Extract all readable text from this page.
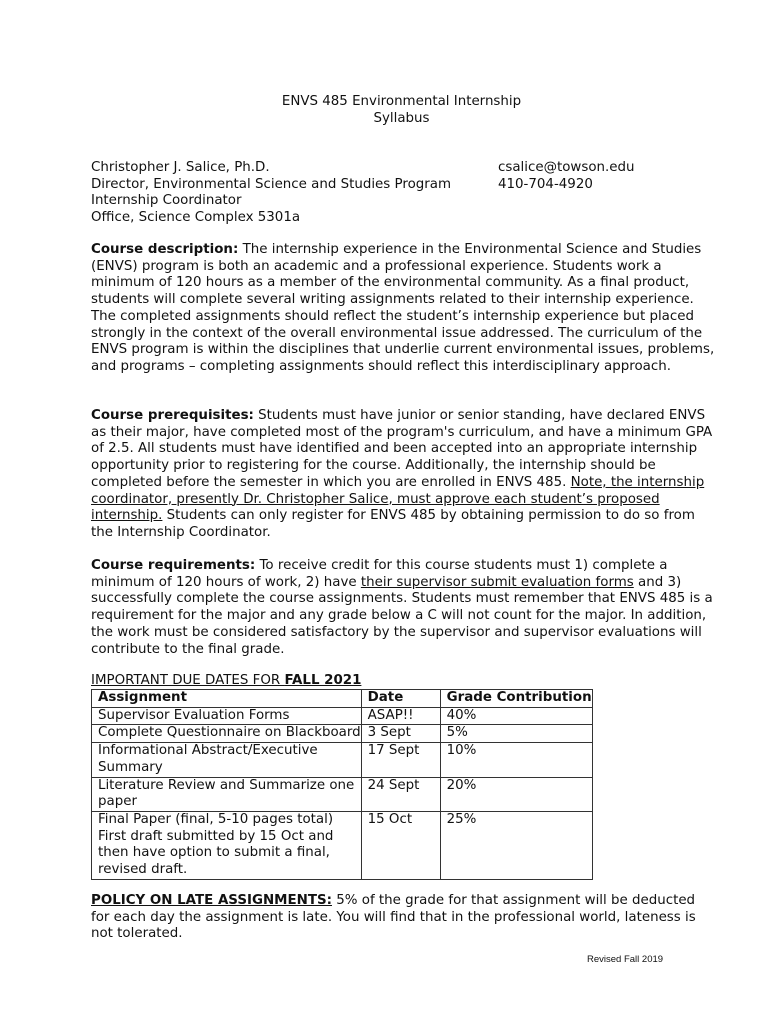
ENVS 485 Environmental Internship
Syllabus
Christopher J. Salice, Ph.D.
Director, Environmental Science and Studies Program
Internship Coordinator
Office, Science Complex 5301a
csalice@towson.edu
410-704-4920

Course description: The internship experience in the Environmental Science and Studies (ENVS) program is both an academic and a professional experience. Students work a minimum of 120 hours as a member of the environmental community. As a final product, students will complete several writing assignments related to their internship experience. The completed assignments should reflect the student’s internship experience but placed strongly in the context of the overall environmental issue addressed. The curriculum of the ENVS program is within the disciplines that underlie current environmental issues, problems, and programs – completing assignments should reflect this interdisciplinary approach.

Course prerequisites: Students must have junior or senior standing, have declared ENVS as their major, have completed most of the program's curriculum, and have a minimum GPA of 2.5. All students must have identified and been accepted into an appropriate internship opportunity prior to registering for the course. Additionally, the internship should be completed before the semester in which you are enrolled in ENVS 485. Note, the internship coordinator, presently Dr. Christopher Salice, must approve each student’s proposed internship. Students can only register for ENVS 485 by obtaining permission to do so from the Internship Coordinator.

Course requirements: To receive credit for this course students must 1) complete a minimum of 120 hours of work, 2) have their supervisor submit evaluation forms and 3) successfully complete the course assignments. Students must remember that ENVS 485 is a requirement for the major and any grade below a C will not count for the major. In addition, the work must be considered satisfactory by the supervisor and supervisor evaluations will contribute to the final grade.

IMPORTANT DUE DATES FOR FALL 2021
Assignment	Date	Grade Contribution
Supervisor Evaluation Forms	ASAP!!	40%
Complete Questionnaire on Blackboard	3 Sept	5%
Informational Abstract/Executive Summary	17 Sept	10%
Literature Review and Summarize one paper	24 Sept	20%
Final Paper (final, 5-10 pages total) First draft submitted by 15 Oct and then have option to submit a final, revised draft.	15 Oct	25%

POLICY ON LATE ASSIGNMENTS: 5% of the grade for that assignment will be deducted for each day the assignment is late. You will find that in the professional world, lateness is not tolerated.

Revised Fall 2019
